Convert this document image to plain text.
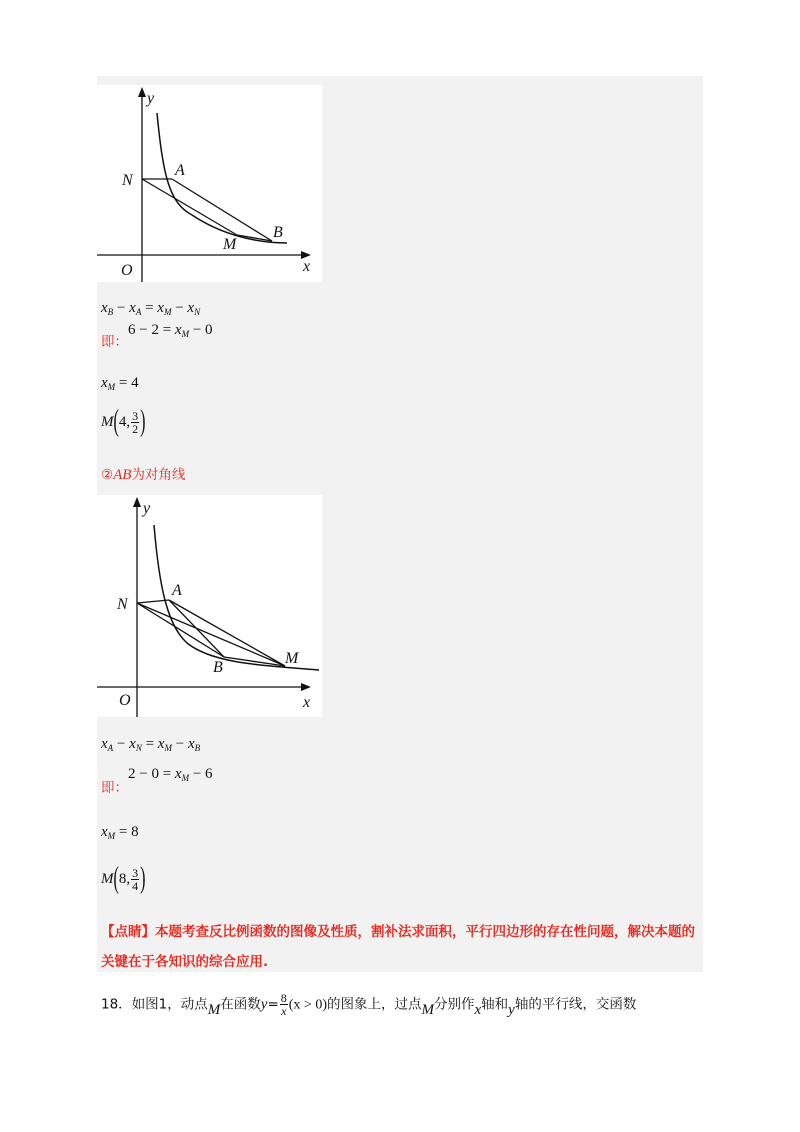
y
x
O
N
A
B
M
$x_B - x_A = x_M - x_N$
即：
$6 - 2 = x_M - 0$
$x_M = 4$
M(4, $\frac{3}{2}$ )
②AB为对角线
y
x
O
N
A
B
M
$x_A - x_N = x_M - x_B$
即：
$2 - 0 = x_M - 6$
$x_M = 8$
M(8, $\frac{3}{4}$ )
【点睛】本题考查反比例函数的图像及性质，割补法求面积，平行四边形的存在性问题，解决本题的关键在于各知识的综合应用.
18．如图1，动点M在函数$y= \frac{8}{x} (x > 0)$的图象上，过点M分别作x轴和y轴的平行线，交函数
